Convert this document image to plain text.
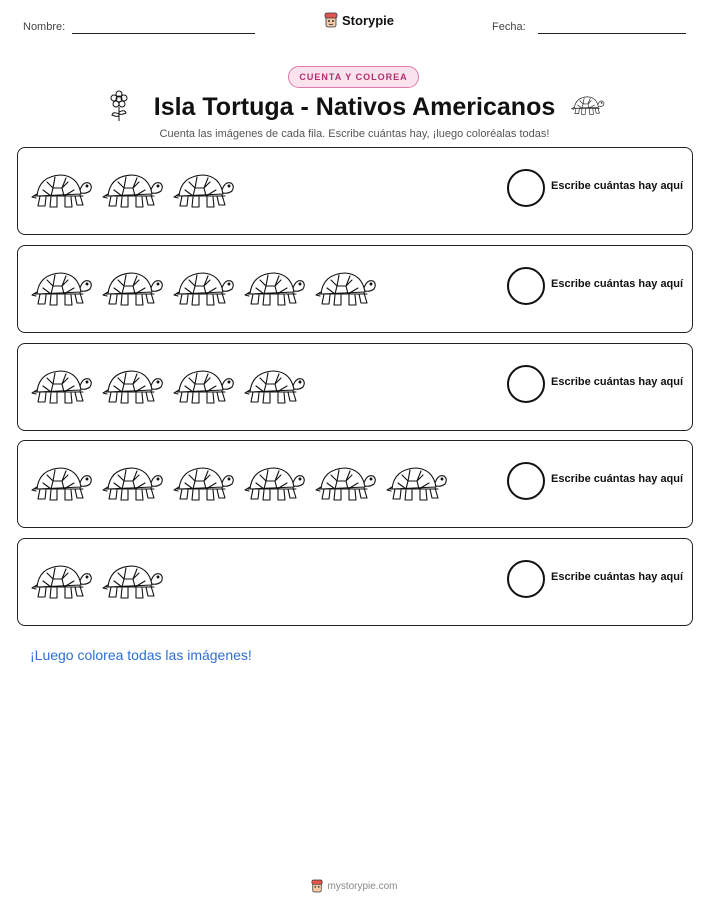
Nombre:	Storypie	Fecha:
CUENTA Y COLOREA
Isla Tortuga - Nativos Americanos
Cuenta las imágenes de cada fila. Escribe cuántas hay, ¡luego coloréalas todas!
Escribe cuántas hay aquí
Escribe cuántas hay aquí
Escribe cuántas hay aquí
Escribe cuántas hay aquí
Escribe cuántas hay aquí
¡Luego colorea todas las imágenes!
mystorypie.com
